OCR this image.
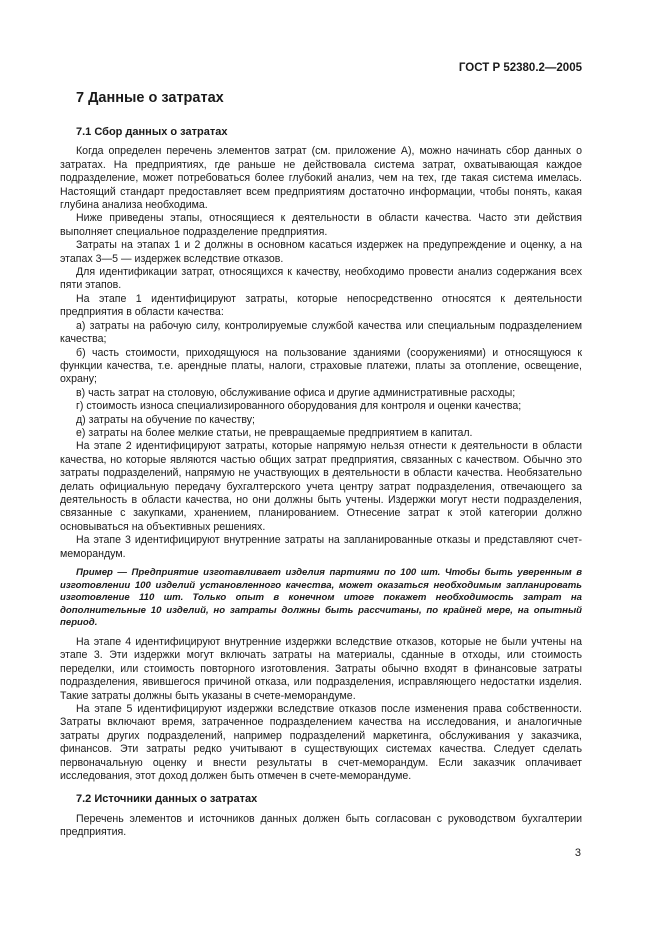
ГОСТ Р 52380.2—2005
7 Данные о затратах
7.1 Сбор данных о затратах

Когда определен перечень элементов затрат (см. приложение А), можно начинать сбор данных о затратах. На предприятиях, где раньше не действовала система затрат, охватывающая каждое подразделение, может потребоваться более глубокий анализ, чем на тех, где такая система имелась. Настоящий стандарт предоставляет всем предприятиям достаточно информации, чтобы понять, какая глубина анализа необходима.

Ниже приведены этапы, относящиеся к деятельности в области качества. Часто эти действия выполняет специальное подразделение предприятия.

Затраты на этапах 1 и 2 должны в основном касаться издержек на предупреждение и оценку, а на этапах 3—5 — издержек вследствие отказов.

Для идентификации затрат, относящихся к качеству, необходимо провести анализ содержания всех пяти этапов.

На этапе 1 идентифицируют затраты, которые непосредственно относятся к деятельности предприятия в области качества:

а) затраты на рабочую силу, контролируемые службой качества или специальным подразделением качества;

б) часть стоимости, приходящуюся на пользование зданиями (сооружениями) и относящуюся к функции качества, т.е. арендные платы, налоги, страховые платежи, платы за отопление, освещение, охрану;

в) часть затрат на столовую, обслуживание офиса и другие административные расходы;

г) стоимость износа специализированного оборудования для контроля и оценки качества;

д) затраты на обучение по качеству;

е) затраты на более мелкие статьи, не превращаемые предприятием в капитал.

На этапе 2 идентифицируют затраты, которые напрямую нельзя отнести к деятельности в области качества, но которые являются частью общих затрат предприятия, связанных с качеством. Обычно это затраты подразделений, напрямую не участвующих в деятельности в области качества. Необязательно делать официальную передачу бухгалтерского учета центру затрат подразделения, отвечающего за деятельность в области качества, но они должны быть учтены. Издержки могут нести подразделения, связанные с закупками, хранением, планированием. Отнесение затрат к этой категории должно основываться на объективных решениях.

На этапе 3 идентифицируют внутренние затраты на запланированные отказы и представляют счет-меморандум.

Пример — Предприятие изготавливает изделия партиями по 100 шт. Чтобы быть уверенным в изготовлении 100 изделий установленного качества, может оказаться необходимым запланировать изготовление 110 шт. Только опыт в конечном итоге покажет необходимость затрат на дополнительные 10 изделий, но затраты должны быть рассчитаны, по крайней мере, на опытный период.

На этапе 4 идентифицируют внутренние издержки вследствие отказов, которые не были учтены на этапе 3. Эти издержки могут включать затраты на материалы, сданные в отходы, или стоимость переделки, или стоимость повторного изготовления. Затраты обычно входят в финансовые затраты подразделения, явившегося причиной отказа, или подразделения, исправляющего недостатки изделия. Такие затраты должны быть указаны в счете-меморандуме.

На этапе 5 идентифицируют издержки вследствие отказов после изменения права собственности. Затраты включают время, затраченное подразделением качества на исследования, и аналогичные затраты других подразделений, например подразделений маркетинга, обслуживания у заказчика, финансов. Эти затраты редко учитывают в существующих системах качества. Следует сделать первоначальную оценку и внести результаты в счет-меморандум. Если заказчик оплачивает исследования, этот доход должен быть отмечен в счете-меморандуме.

7.2 Источники данных о затратах

Перечень элементов и источников данных должен быть согласован с руководством бухгалтерии предприятия.

3
